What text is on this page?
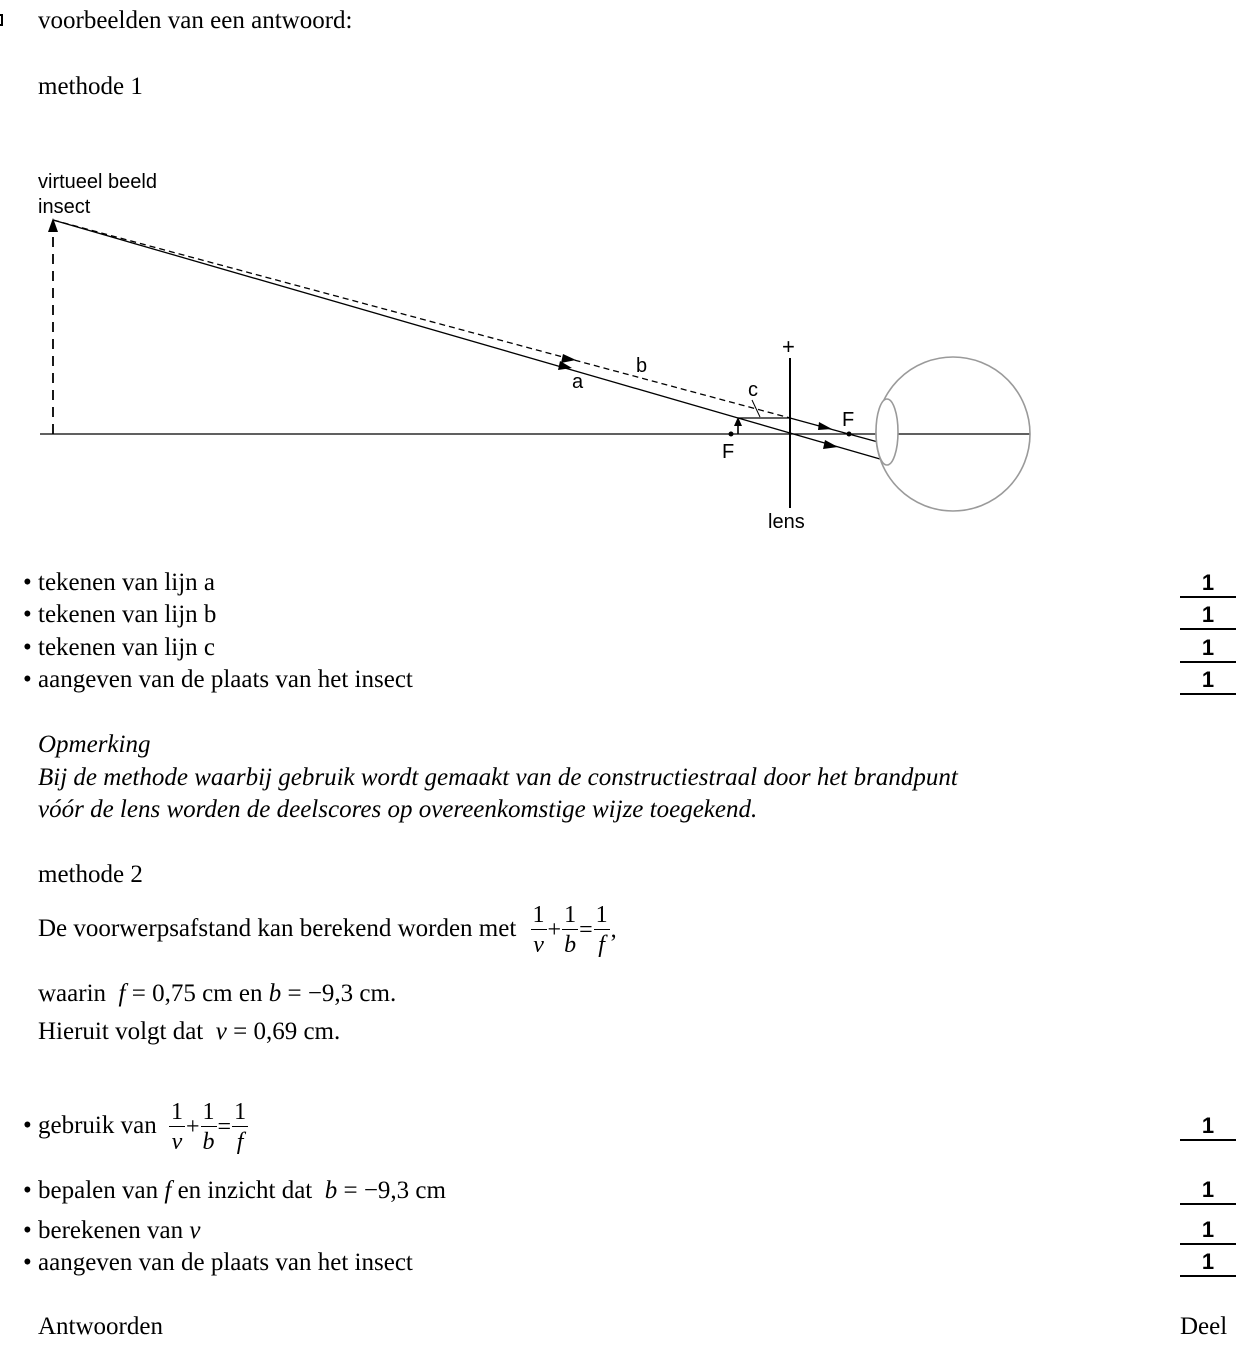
voorbeelden van een antwoord:
methode 1
virtueel beeld
insect
a
b
c
F
F
+
lens
• tekenen van lijn a
• tekenen van lijn b
• tekenen van lijn c
• aangeven van de plaats van het insect
1
1
1
1
Opmerking
Bij de methode waarbij gebruik wordt gemaakt van de constructiestraal door het brandpunt
vóór de lens worden de deelscores op overeenkomstige wijze toegekend.
methode 2
De voorwerpsafstand kan berekend worden met $\frac{1}{v} + \frac{1}{b} = \frac{1}{f}$ ,
waarin f = 0,75 cm en b = −9,3 cm.
Hieruit volgt dat v = 0,69 cm.
• gebruik van $\frac{1}{v} + \frac{1}{b} = \frac{1}{f}$
• bepalen van f en inzicht dat  b = −9,3 cm
• berekenen van v
• aangeven van de plaats van het insect
1
1
1
1
Antwoorden	Deel
